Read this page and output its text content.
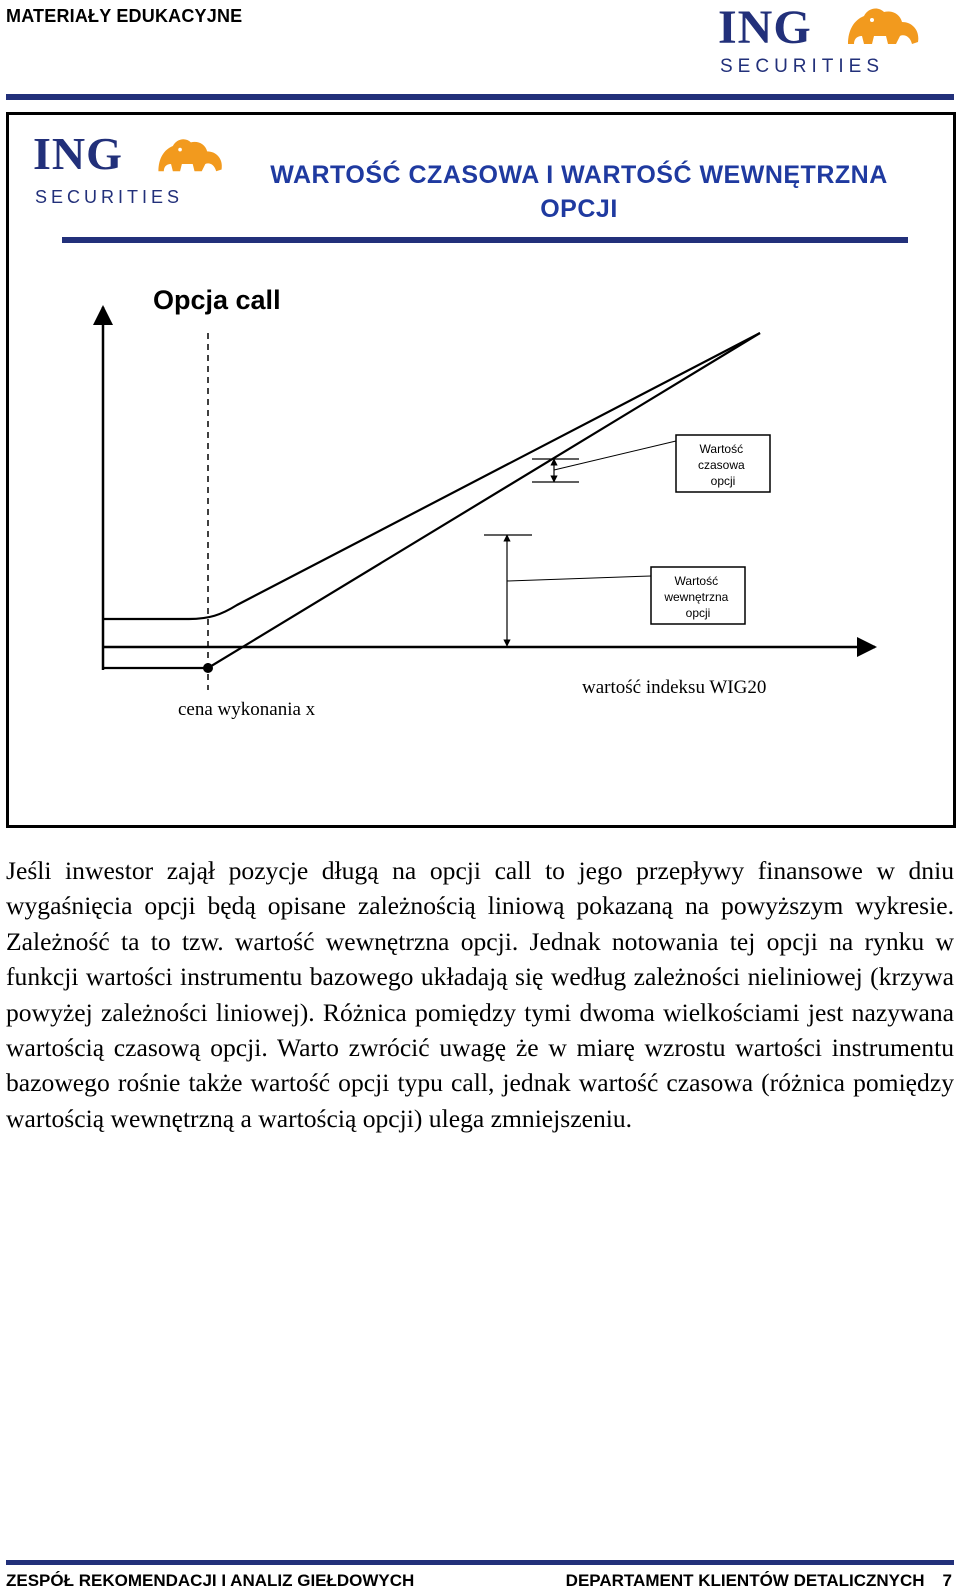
MATERIAŁY EDUKACYJNE	ING
SECURITIES
ING
SECURITIES
WARTOŚĆ CZASOWA I WARTOŚĆ WEWNĘTRZNA
OPCJI
Opcja call
Wartość czasowa opcji
Wartość wewnętrzna opcji
wartość indeksu WIG20
cena wykonania x

Jeśli inwestor zajął pozycje długą na opcji call to jego przepływy finansowe w dniu wygaśnięcia opcji będą opisane zależnością liniową pokazaną na powyższym wykresie. Zależność ta to tzw. wartość wewnętrzna opcji. Jednak notowania tej opcji na rynku w funkcji wartości instrumentu bazowego układają się według zależności nieliniowej (krzywa powyżej zależności liniowej). Różnica pomiędzy tymi dwoma wielkościami jest nazywana wartością czasową opcji. Warto zwrócić uwagę że w miarę wzrostu wartości instrumentu bazowego rośnie także wartość opcji typu call, jednak wartość czasowa (różnica pomiędzy wartością wewnętrzną a wartością opcji) ulega zmniejszeniu.

ZESPÓŁ REKOMENDACJI I ANALIZ GIEŁDOWYCH	DEPARTAMENT KLIENTÓW DETALICZNYCH 7
